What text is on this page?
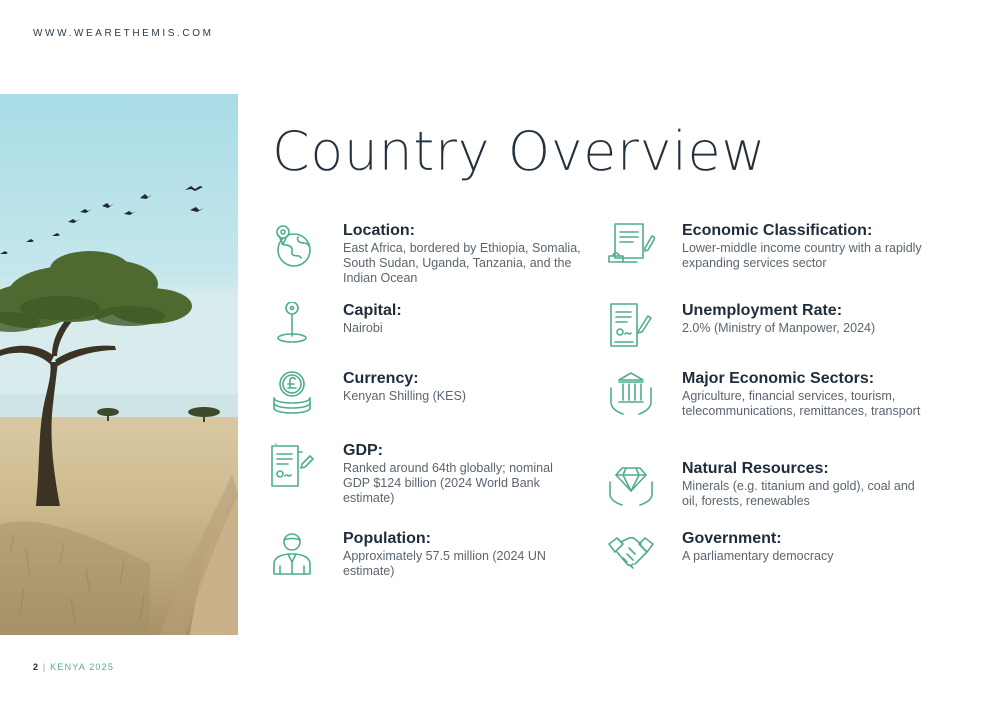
WWW.WEARETHEMIS.COM
Country Overview
Location:
East Africa, bordered by Ethiopia, Somalia, South Sudan, Uganda, Tanzania, and the Indian Ocean
Capital:
Nairobi
Currency:
Kenyan Shilling (KES)
GDP:
Ranked around 64th globally; nominal GDP $124 billion (2024 World Bank estimate)
Population:
Approximately 57.5 million (2024 UN estimate)
Economic Classification:
Lower-middle income country with a rapidly expanding services sector
Unemployment Rate:
2.0% (Ministry of Manpower, 2024)
Major Economic Sectors:
Agriculture, financial services, tourism, telecommunications, remittances, transport
Natural Resources:
Minerals (e.g. titanium and gold), coal and oil, forests, renewables
Government:
A parliamentary democracy
2 | KENYA 2025
